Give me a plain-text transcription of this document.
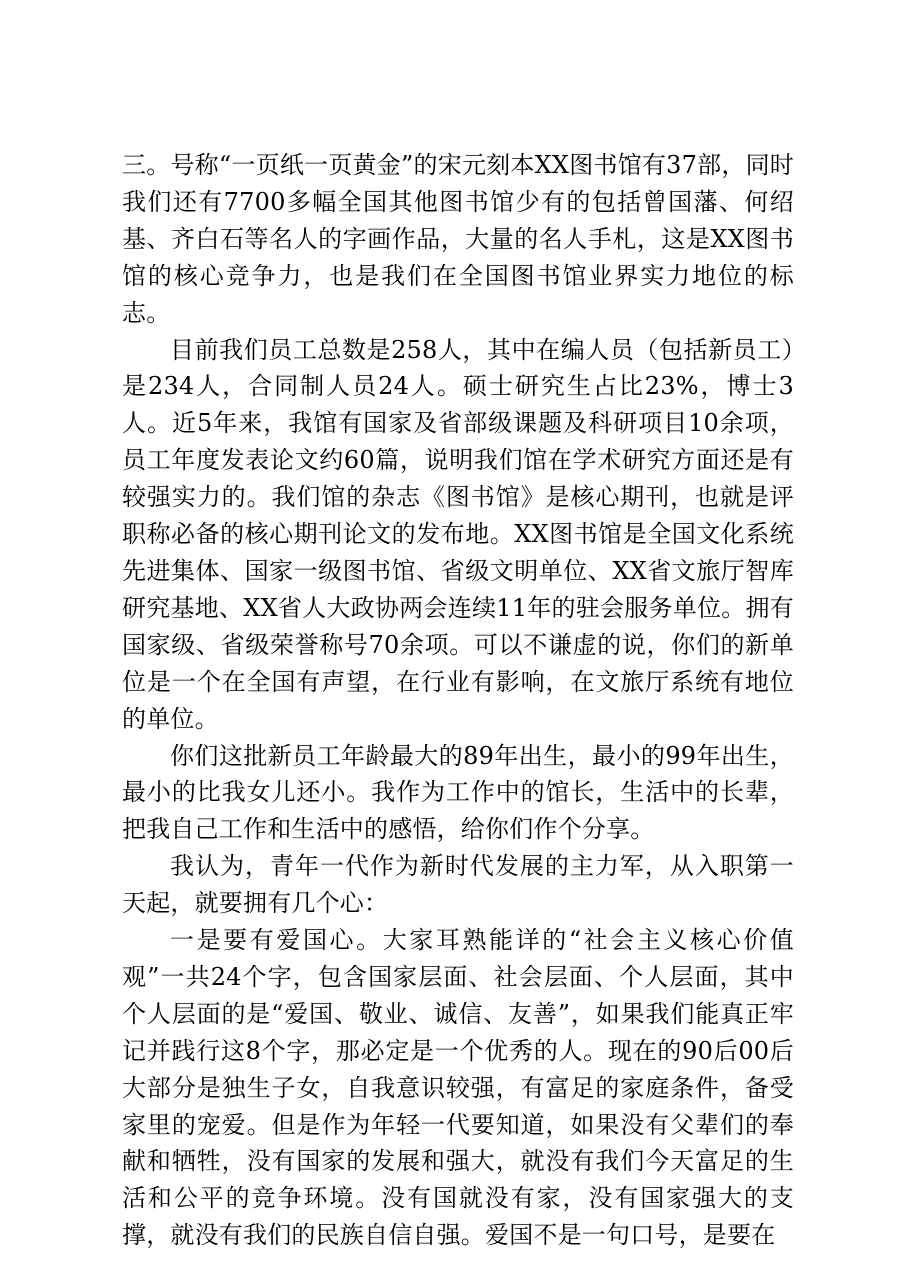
三。号称“一页纸一页黄金”的宋元刻本XX图书馆有37部，同时我们还有7700多幅全国其他图书馆少有的包括曾国藩、何绍基、齐白石等名人的字画作品，大量的名人手札，这是XX图书馆的核心竞争力，也是我们在全国图书馆业界实力地位的标志。

目前我们员工总数是258人，其中在编人员（包括新员工）是234人，合同制人员24人。硕士研究生占比23%，博士3人。近5年来，我馆有国家及省部级课题及科研项目10余项，员工年度发表论文约60篇，说明我们馆在学术研究方面还是有较强实力的。我们馆的杂志《图书馆》是核心期刊，也就是评职称必备的核心期刊论文的发布地。XX图书馆是全国文化系统先进集体、国家一级图书馆、省级文明单位、XX省文旅厅智库研究基地、XX省人大政协两会连续11年的驻会服务单位。拥有国家级、省级荣誉称号70余项。可以不谦虚的说，你们的新单位是一个在全国有声望，在行业有影响，在文旅厅系统有地位的单位。

你们这批新员工年龄最大的89年出生，最小的99年出生，最小的比我女儿还小。我作为工作中的馆长，生活中的长辈，把我自己工作和生活中的感悟，给你们作个分享。

我认为，青年一代作为新时代发展的主力军，从入职第一天起，就要拥有几个心：

一是要有爱国心。大家耳熟能详的“社会主义核心价值观”一共24个字，包含国家层面、社会层面、个人层面，其中个人层面的是“爱国、敬业、诚信、友善”，如果我们能真正牢记并践行这8个字，那必定是一个优秀的人。现在的90后00后大部分是独生子女，自我意识较强，有富足的家庭条件，备受家里的宠爱。但是作为年轻一代要知道，如果没有父辈们的奉献和牺牲，没有国家的发展和强大，就没有我们今天富足的生活和公平的竞争环境。没有国就没有家，没有国家强大的支撑，就没有我们的民族自信自强。爱国不是一句口号，是要在
